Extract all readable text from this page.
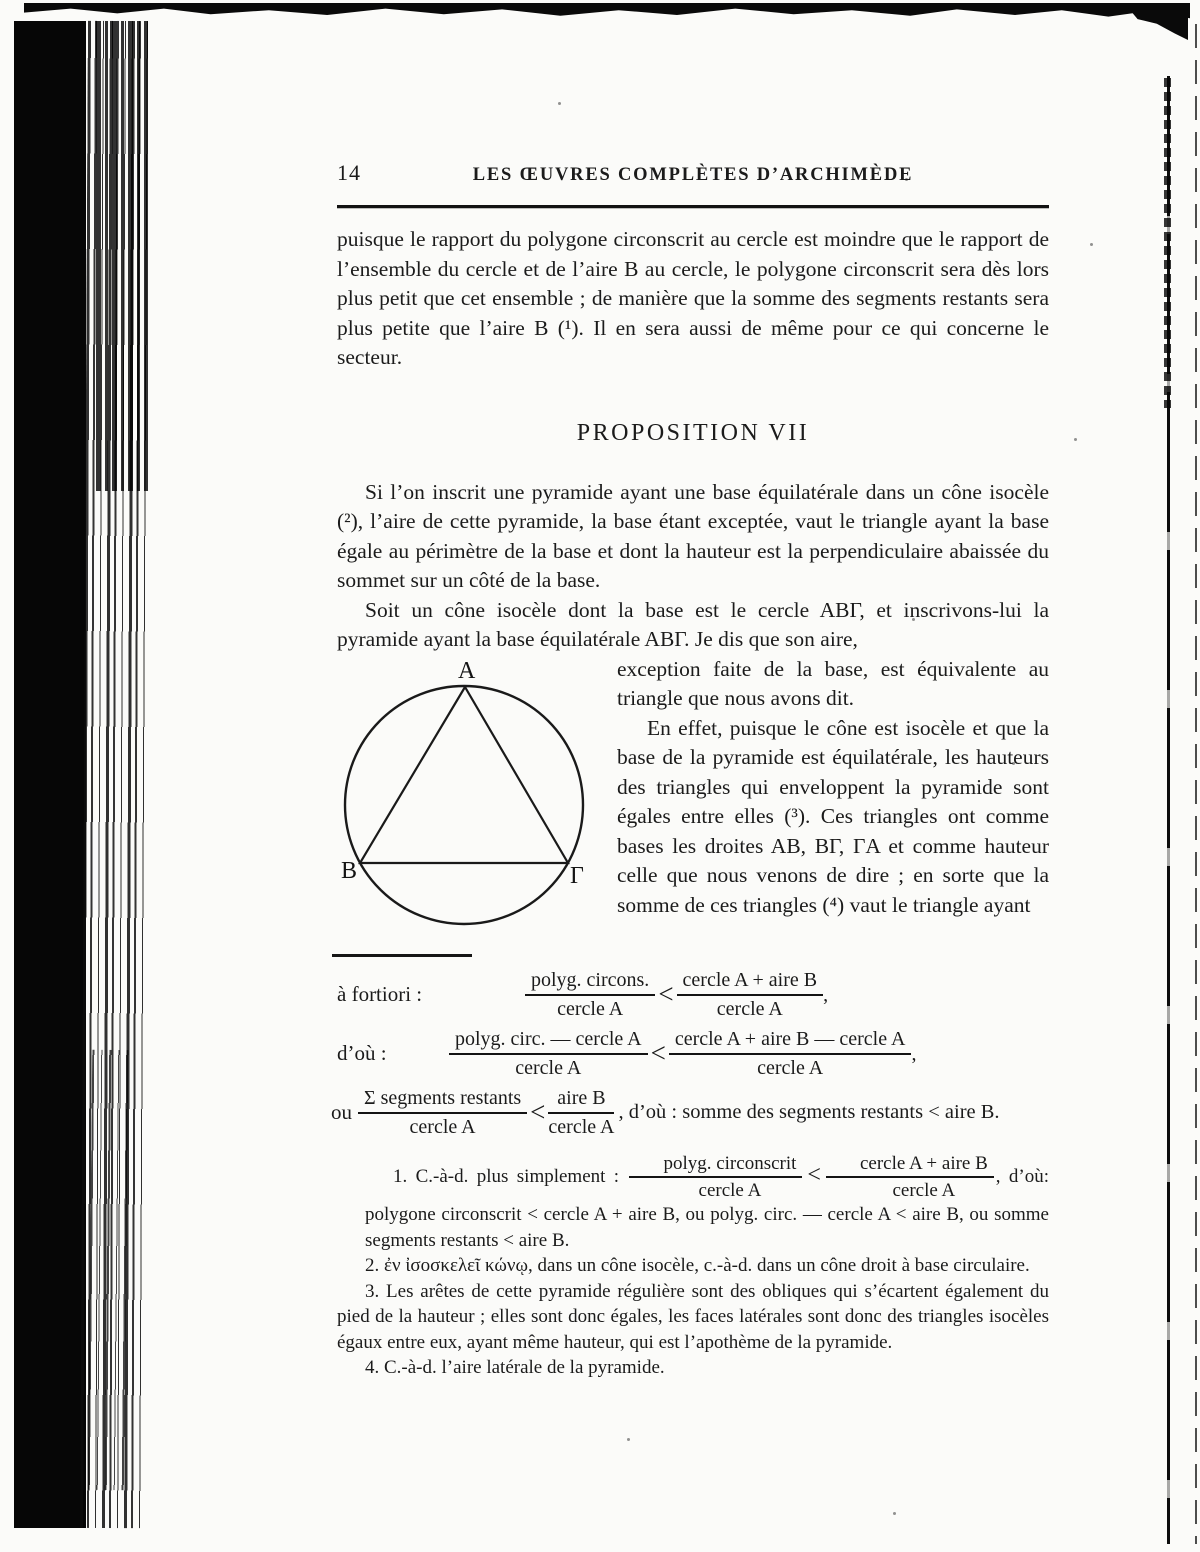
14	LES ŒUVRES COMPLÈTES D’ARCHIMÈDE

puisque le rapport du polygone circonscrit au cercle est moindre que le rapport de l’ensemble du cercle et de l’aire B au cercle, le polygone circonscrit sera dès lors plus petit que cet ensemble ; de manière que la somme des segments restants sera plus petite que l’aire B (¹). Il en sera aussi de même pour ce qui concerne le secteur.

PROPOSITION VII

Si l’on inscrit une pyramide ayant une base équilatérale dans un cône isocèle (²), l’aire de cette pyramide, la base étant exceptée, vaut le triangle ayant la base égale au périmètre de la base et dont la hauteur est la perpendiculaire abaissée du sommet sur un côté de la base.

Soit un cône isocèle dont la base est le cercle ABΓ, et inscrivons-lui la pyramide ayant la base équilatérale ABΓ. Je dis que son aire,

A
B	Γ

exception faite de la base, est équivalente au triangle que nous avons dit.

En effet, puisque le cône est isocèle et que la base de la pyramide est équilatérale, les hauteurs des triangles qui enveloppent la pyramide sont égales entre elles (³). Ces triangles ont comme bases les droites AB, BΓ, ΓA et comme hauteur celle que nous venons de dire ; en sorte que la somme de ces triangles (⁴) vaut le triangle ayant

à fortiori :	$\frac{\text{polyg. circons.}}{\text{cercle A}} < \frac{\text{cercle A + aire B}}{\text{cercle A}}$ ,
d’où :	$\frac{\text{polyg. circ. — cercle A}}{\text{cercle A}} < \frac{\text{cercle A + aire B — cercle A}}{\text{cercle A}}$ ,
ou $\frac{\text{Σ segments restants}}{\text{cercle A}} < \frac{\text{aire B}}{\text{cercle A}}$ , d’où : somme des segments restants < aire B.

1. C.-à-d. plus simplement : $\frac{\text{polyg. circonscrit}}{\text{cercle A}} < \frac{\text{cercle A + aire B}}{\text{cercle A}}$ , d’où: polygone circonscrit < cercle A + aire B, ou polyg. circ. — cercle A < aire B, ou somme segments restants < aire B.

2. ἐν ἰσοσκελεῖ κώνῳ, dans un cône isocèle, c.-à-d. dans un cône droit à base circulaire.

3. Les arêtes de cette pyramide régulière sont des obliques qui s’écartent également du pied de la hauteur ; elles sont donc égales, les faces latérales sont donc des triangles isocèles égaux entre eux, ayant même hauteur, qui est l’apothème de la pyramide.

4. C.-à-d. l’aire latérale de la pyramide.
